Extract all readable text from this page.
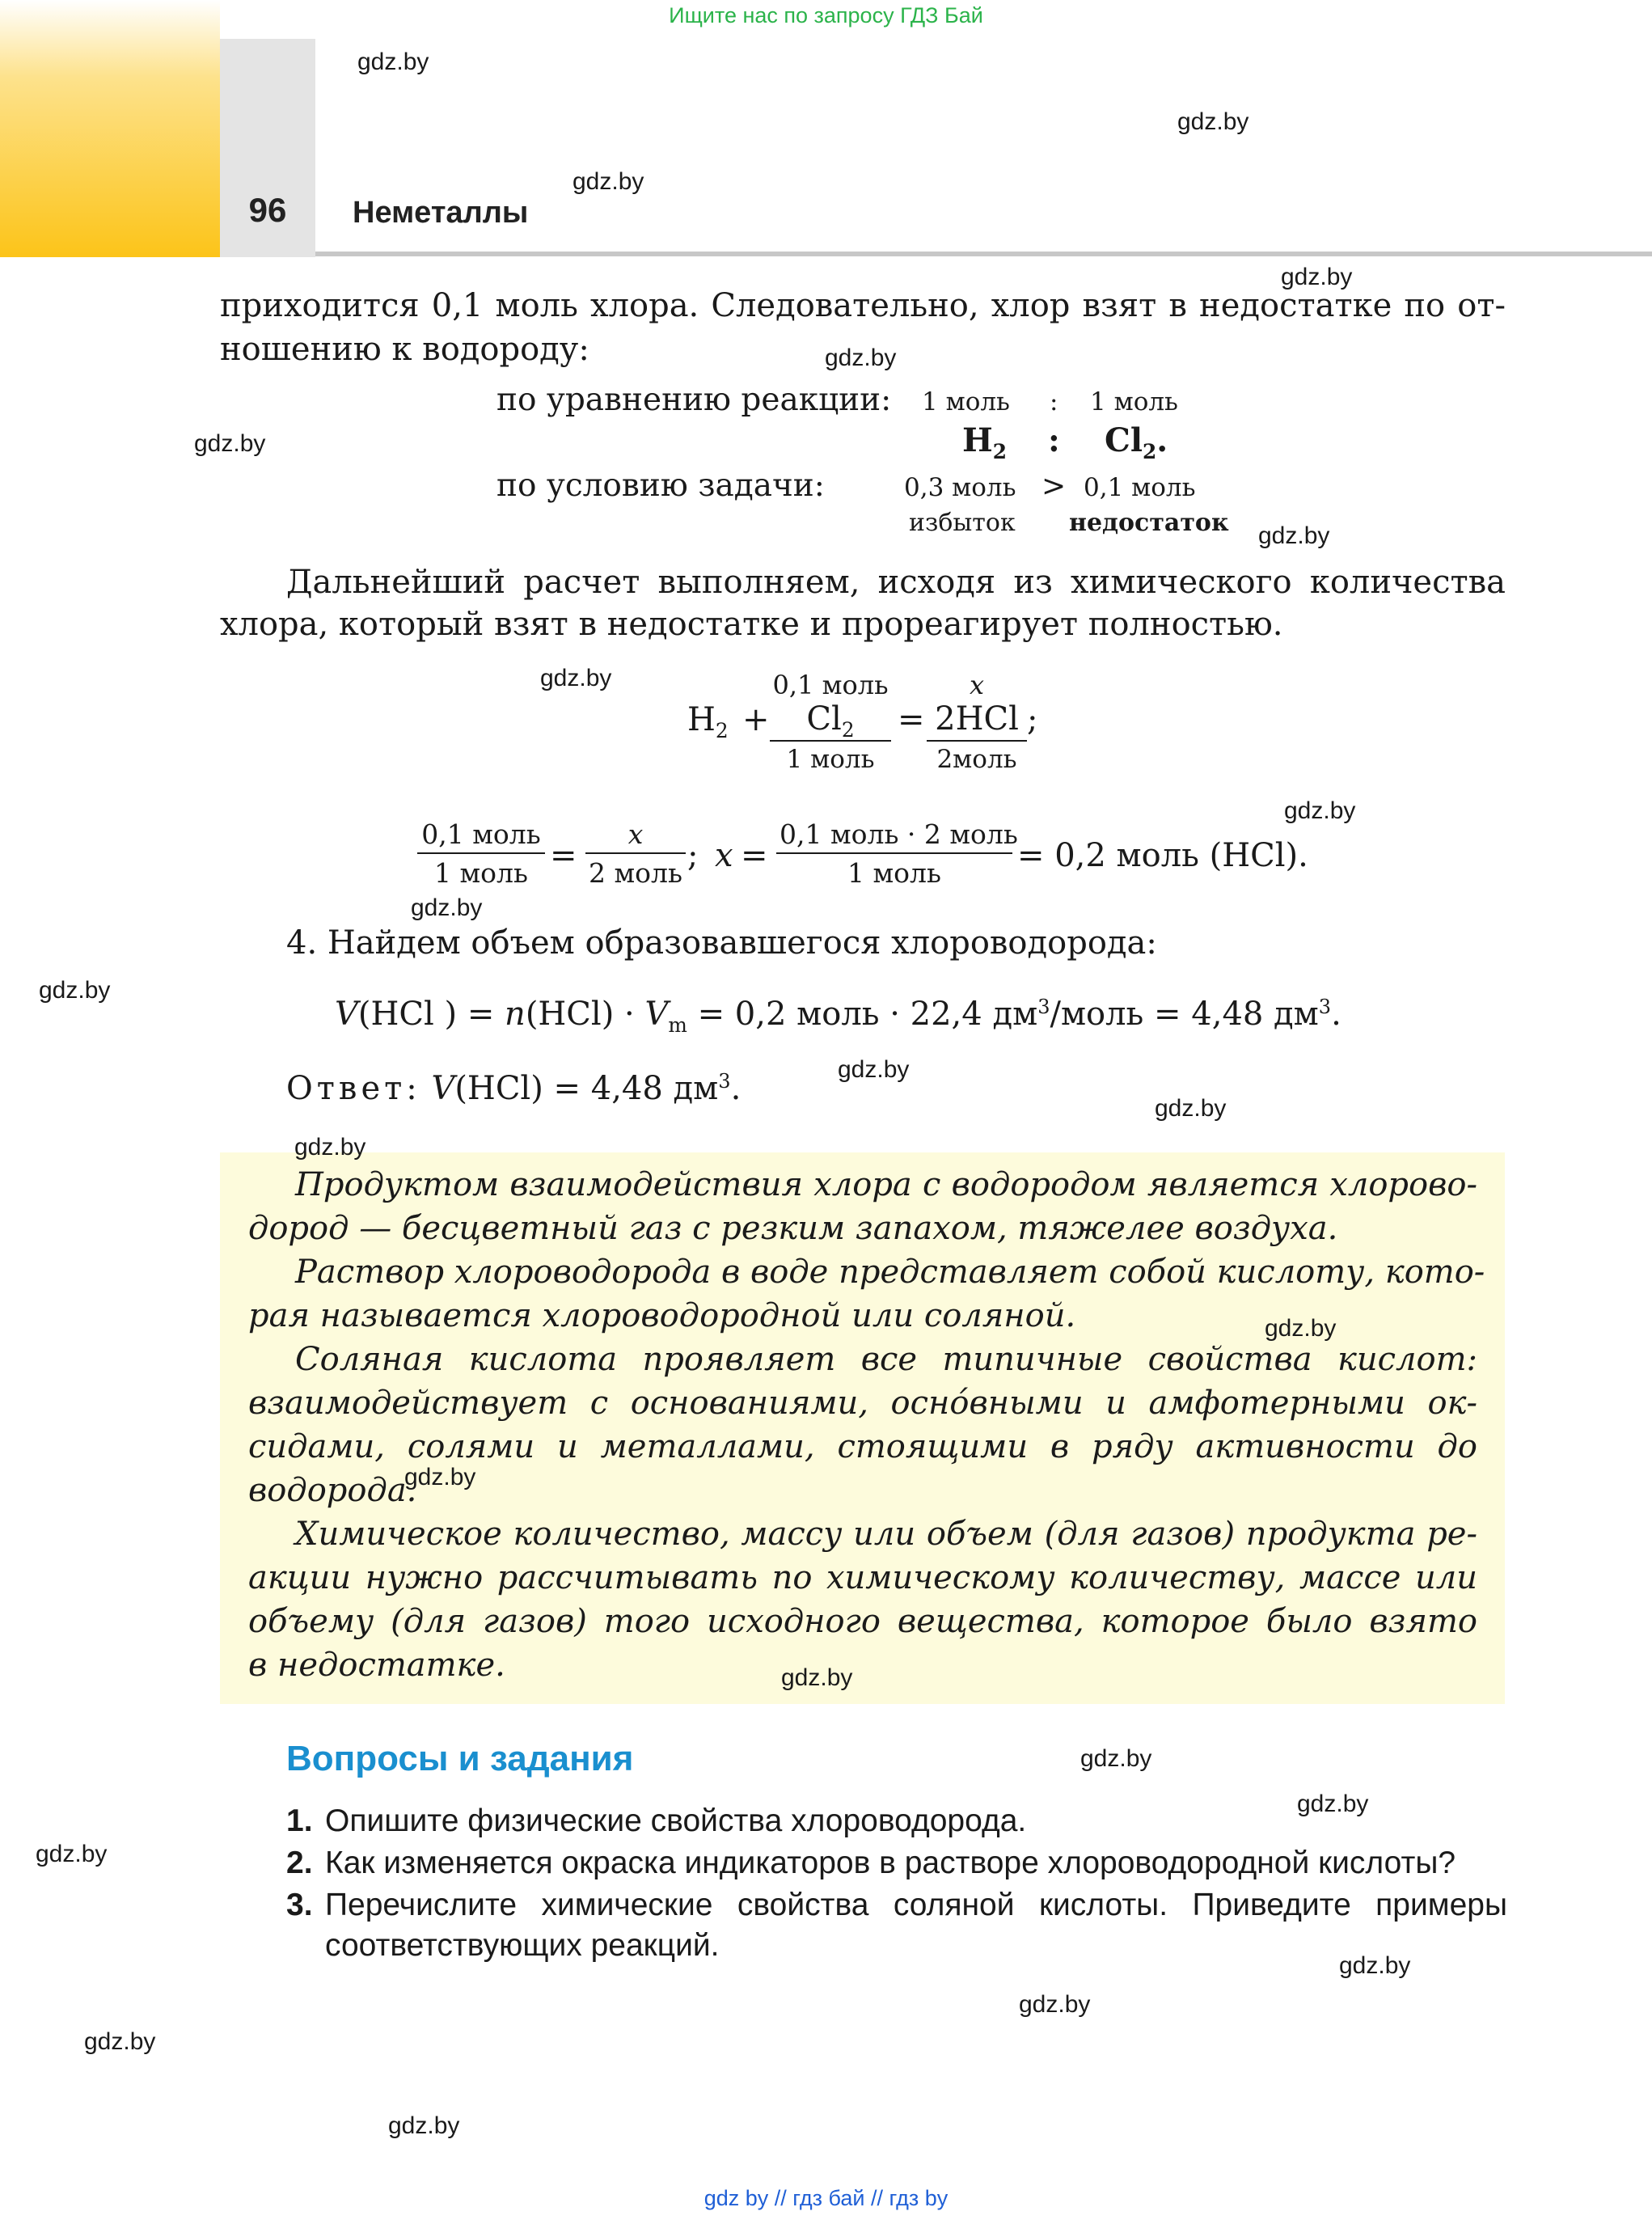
Ищите нас по запросу ГДЗ Бай
96	Неметаллы
приходится 0,1 моль хлора. Следовательно, хлор взят в недостатке по от-
ношению к водороду:
по уравнению реакции: 1 моль : 1 моль
$H_2$ : $Cl_2$.
по условию задачи:	0,3 моль > 0,1 моль
избыток недостаток
Дальнейший расчет выполняем, исходя из химического количества
хлора, который взят в недостатке и прореагирует полностью.
$H_2$ +
0,1 моль
$Cl_2$
1 моль
=
x
2HCl
2моль
;
0,1 моль
1 моль =
x
2 моль ; x =
0,1 моль · 2 моль
1 моль	= 0,2 моль (HCl).
4. Найдем объем образовавшегося хлороводорода:
V(HCl ) = $n(HCl) \cdot V_m = 0,2$ моль · 22,4 $дм^3$/моль = 4,48 $дм^3$.
Ответ: V(HCl) = 4,48 $дм^3$.
Продуктом взаимодействия хлора с водородом является хлорово-
дород — бесцветный газ с резким запахом, тяжелее воздуха.
Раствор хлороводорода в воде представляет собой кислоту, кото-
рая называется хлороводородной или соляной.
Соляная кислота проявляет все типичные свойства кислот:
взаимодействует с основаниями, осно́вными и амфотерными ок-
сидами, солями и металлами, стоящими в ряду активности до
водорода.
Химическое количество, массу или объем (для газов) продукта ре-
акции нужно рассчитывать по химическому количеству, массе или
объему (для газов) того исходного вещества, которое было взято
в недостатке.
Вопросы и задания
1. Опишите физические свойства хлороводорода.
2. Как изменяется окраска индикаторов в растворе хлороводородной кислоты?
3. Перечислите химические свойства соляной кислоты. Приведите примеры
соответствующих реакций.
gdz.by
gdz.by
gdz.by
gdz.by
gdz.by
gdz.by
gdz.by
gdz.by
gdz.by
gdz.by
gdz.by
gdz.by
gdz.by
gdz.by
gdz.by
gdz.by
gdz.by
gdz.by
gdz.by
gdz.by
gdz.by
gdz.by
gdz.by
gdz.by
gdz by // гдз бай // гдз by
